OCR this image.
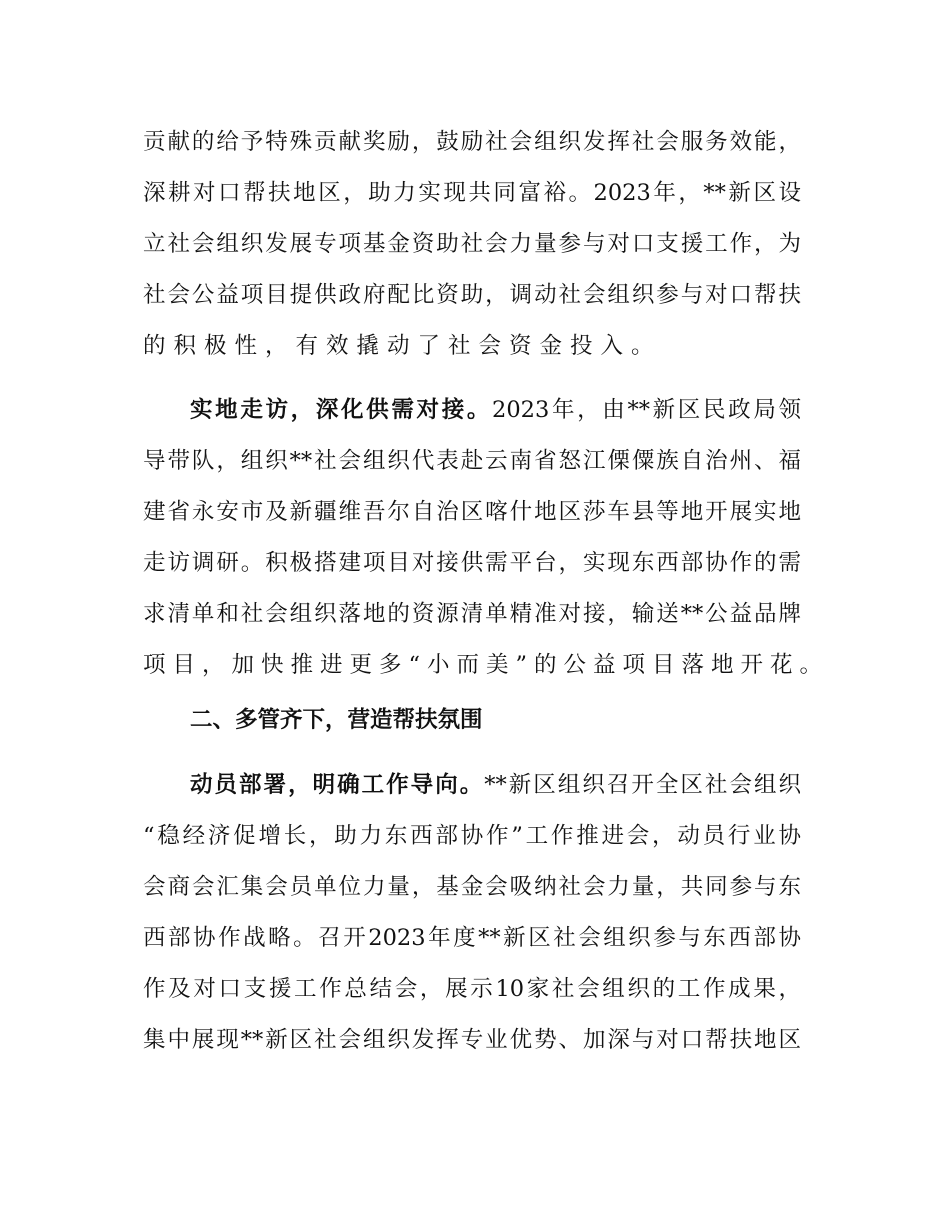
贡献的给予特殊贡献奖励，鼓励社会组织发挥社会服务效能，
深耕对口帮扶地区，助力实现共同富裕。2023年，**新区设
立社会组织发展专项基金资助社会力量参与对口支援工作，为
社会公益项目提供政府配比资助，调动社会组织参与对口帮扶
的积极性，有效撬动了社会资金投入。
实地走访，深化供需对接。2023年，由**新区民政局领
导带队，组织**社会组织代表赴云南省怒江傈僳族自治州、福
建省永安市及新疆维吾尔自治区喀什地区莎车县等地开展实地
走访调研。积极搭建项目对接供需平台，实现东西部协作的需
求清单和社会组织落地的资源清单精准对接，输送**公益品牌
项目，加快推进更多“小而美”的公益项目落地开花。
二、多管齐下，营造帮扶氛围
动员部署，明确工作导向。**新区组织召开全区社会组织
“稳经济促增长，助力东西部协作”工作推进会，动员行业协
会商会汇集会员单位力量，基金会吸纳社会力量，共同参与东
西部协作战略。召开2023年度**新区社会组织参与东西部协
作及对口支援工作总结会，展示10家社会组织的工作成果，
集中展现**新区社会组织发挥专业优势、加深与对口帮扶地区
